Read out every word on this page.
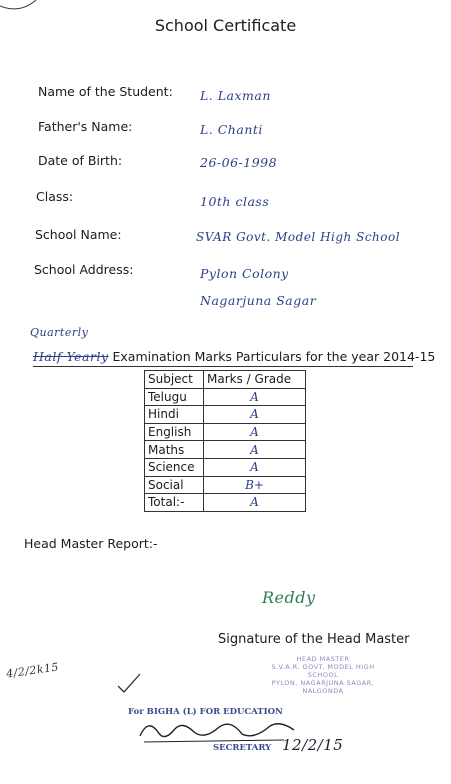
School Certificate
Name of the Student: L. Laxman
Father's Name:	L. Chanti
Date of Birth:	26-06-1998
Class:	10th class
School Name:	SVAR Govt. Model High School
School Address:	Pylon Colony
Nagarjuna Sagar
Quarterly
Half Yearly Examination Marks Particulars for the year 2014-15
Subject	Marks / Grade
Telugu	A
Hindi	A
English	A
Maths	A
Science	A
Social	B+
Total:-	A
Head Master Report:-
Reddy
Signature of the Head Master
HEAD MASTER
S.V.A.R. GOVT. MODEL HIGH SCHOOL
PYLON, NAGARJUNA SAGAR, NALGONDA
4/2/2k15
For BIGHA (L) FOR EDUCATION
SECRETARY 12/2/15
